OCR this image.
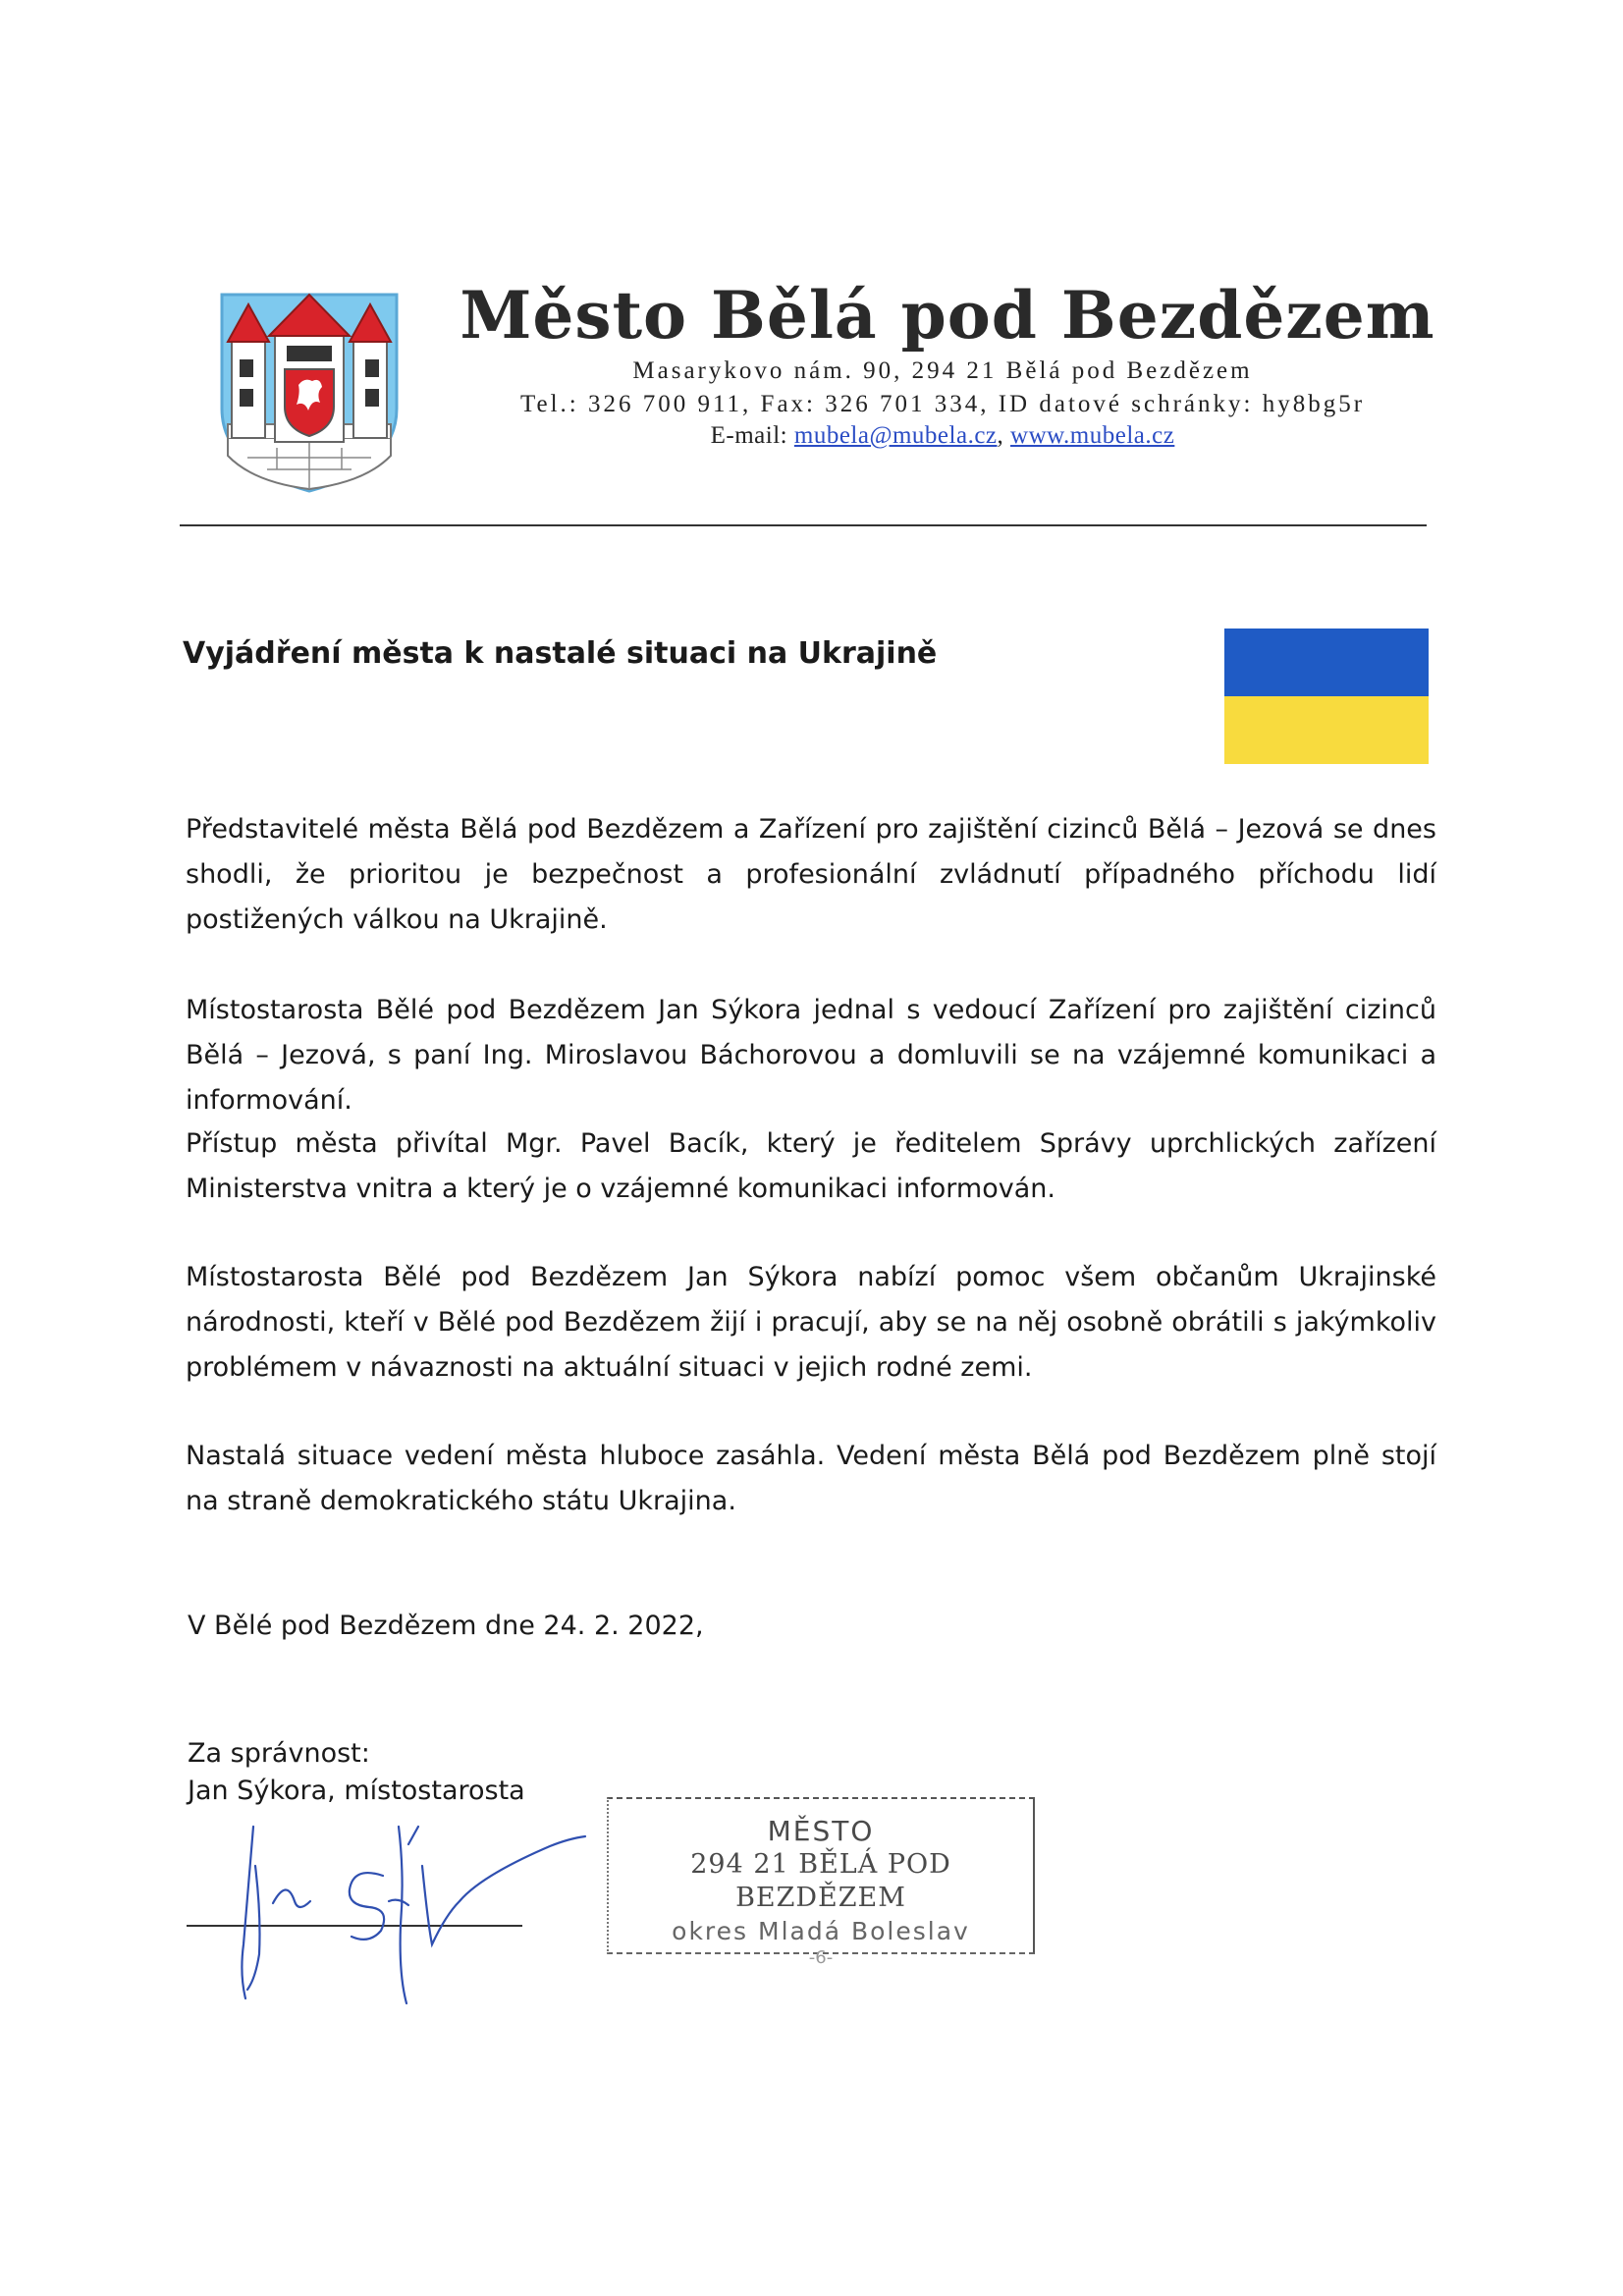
Město Bělá pod Bezdězem
Masarykovo nám. 90, 294 21 Bělá pod Bezdězem
Tel.: 326 700 911, Fax: 326 701 334, ID datové schránky: hy8bg5r
E-mail: mubela@mubela.cz, www.mubela.cz
Vyjádření města k nastalé situaci na Ukrajině
Představitelé města Bělá pod Bezdězem a Zařízení pro zajištění cizinců Bělá – Jezová se dnes shodli, že prioritou je bezpečnost a profesionální zvládnutí případného příchodu lidí postižených válkou na Ukrajině.
Místostarosta Bělé pod Bezdězem Jan Sýkora jednal s vedoucí Zařízení pro zajištění cizinců Bělá – Jezová, s paní Ing. Miroslavou Báchorovou a domluvili se na vzájemné komunikaci a informování.
Přístup města přivítal Mgr. Pavel Bacík, který je ředitelem Správy uprchlických zařízení Ministerstva vnitra a který je o vzájemné komunikaci informován.
Místostarosta Bělé pod Bezdězem Jan Sýkora nabízí pomoc všem občanům Ukrajinské národnosti, kteří v Bělé pod Bezdězem žijí i pracují, aby se na něj osobně obrátili s jakýmkoliv problémem v návaznosti na aktuální situaci v jejich rodné zemi.
Nastalá situace vedení města hluboce zasáhla. Vedení města Bělá pod Bezdězem plně stojí na straně demokratického státu Ukrajina.
V Bělé pod Bezdězem dne 24. 2. 2022,
Za správnost:
Jan Sýkora, místostarosta
MĚSTO
294 21 BĚLÁ POD BEZDĚZEM
okres Mladá Boleslav
-6-
